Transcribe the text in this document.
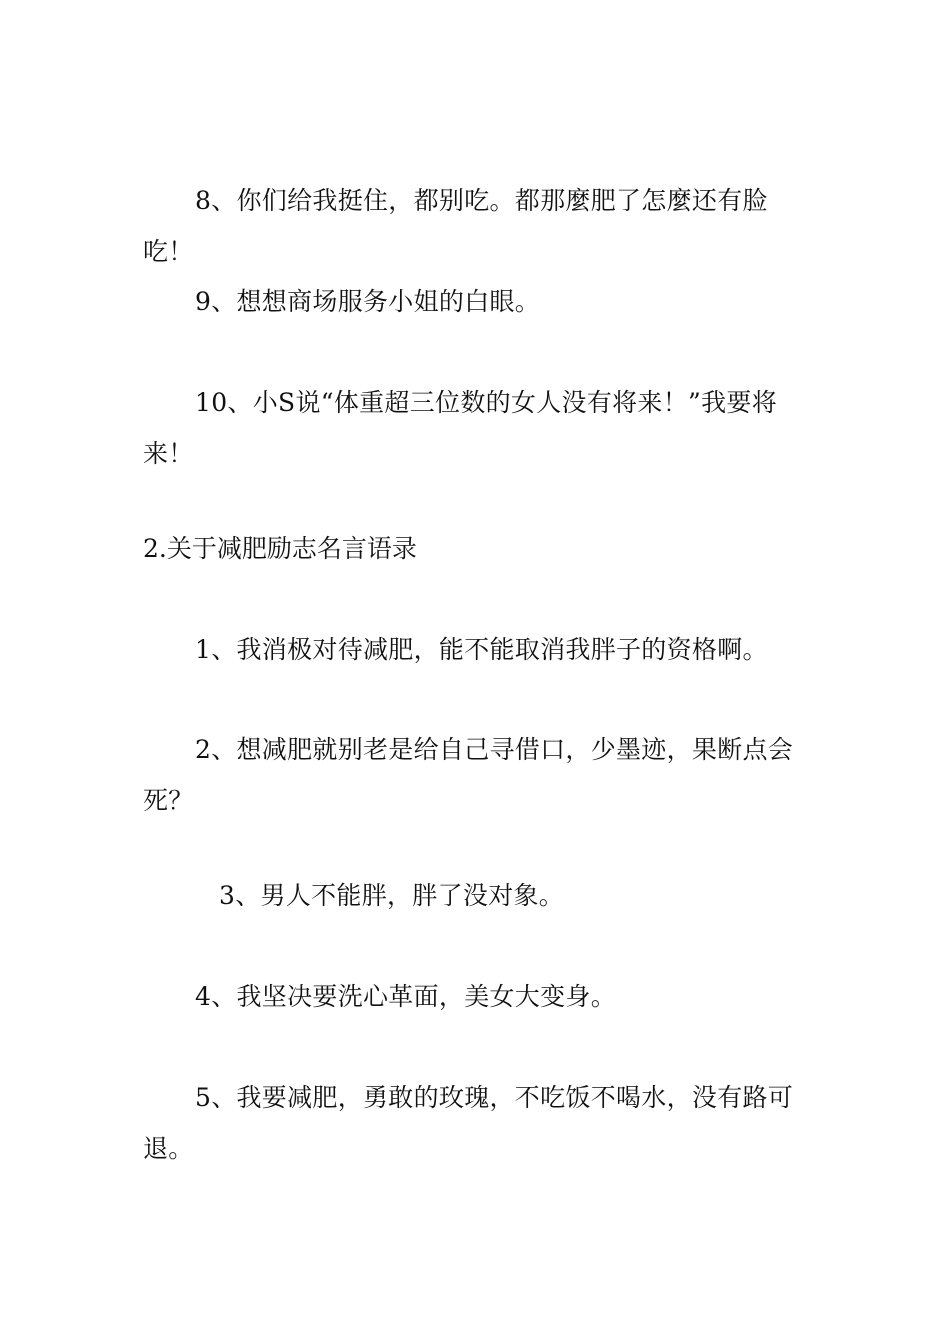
8、你们给我挺住，都别吃。都那麼肥了怎麼还有脸吃！

9、想想商场服务小姐的白眼。

10、小S说“体重超三位数的女人没有将来！”我要将来！

2.关于减肥励志名言语录

1、我消极对待减肥，能不能取消我胖子的资格啊。

2、想减肥就别老是给自己寻借口，少墨迹，果断点会死？

3、男人不能胖，胖了没对象。

4、我坚决要洗心革面，美女大变身。

5、我要减肥，勇敢的玫瑰，不吃饭不喝水，没有路可退。
